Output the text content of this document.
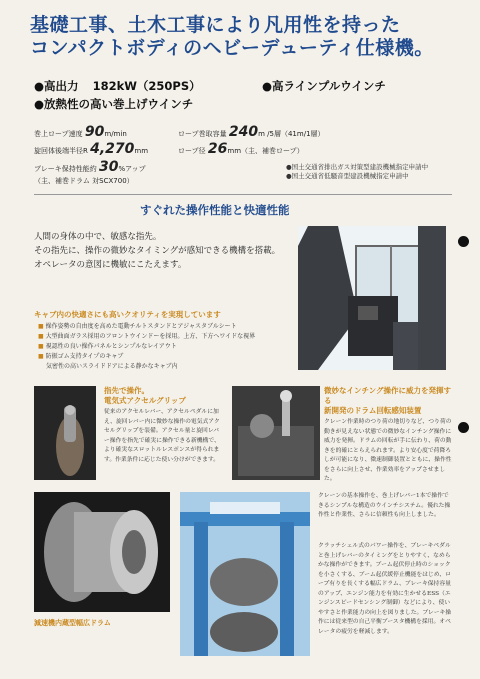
基礎工事、土木工事により凡用性を持った
コンパクトボディのヘビーデューティ仕様機。
●高出力 182kW（250PS）	●高ラインプルウインチ
●放熱性の高い巻上げウインチ
巻上ロープ速度 90m/min
旋回体後端半径R 4,270mm
ブレーキ保持性能約 30%アップ
（主、補巻ドラム 対SCX700）
ロープ巻取容量 240m /5層（41m/1層）
ロープ径 26mm（主、補巻ロープ）
●国土交通省排出ガス対策型建設機械指定申請中
●国土交通省低騒音型建設機械指定申請中
すぐれた操作性能と快適性能
人間の身体の中で、敏感な指先。
その指先に、操作の微妙なタイミングが感知できる機構を搭載。
オペレータの意図に機敏にこたえます。
キャブ内の快適さにも高いクオリティを実現しています
■ 操作姿勢の自由度を高めた電動チルトスタンドとアジャスタブルシート
■ 大型曲面ガラス採用のフロントウインドーを採用。上方、下方へワイドな視界
■ 視認性の良い操作パネルとシンプルなレイアウト
■ 防振ゴム支持タイプのキャブ
気密性の高いスライドドアによる静かなキャブ内
指先で操作。
電気式アクセルグリップ
従来のアクセルレバー、アクセルペダルに加え、旋回レバー内に微妙な操作の電気式アクセルグリップを装備。アクセル量と旋回レバー操作を指先で確実に操作できる新機構で、より確実なスロットルレスポンスが得られます。作業条件に応じた使い分けができます。
微妙なインチング操作に威力を発揮する
新開発のドラム回転感知装置
クレーン作業時のつり荷の地切りなど、つり荷の動きが見えない状態での微妙なインチング操作に威力を発揮。ドラムの回転が手に伝わり、荷の動きを的確にとらえられます。より安心度で荷降ろしが可能になり、微速制御装置とともに、操作性をさらに向上させ、作業効率をアップさせました。
減速機内蔵型幅広ドラム
クレーンの基本操作を、巻上げレバー1本で操作できるシンプルな構造のウインチシステム。優れた操作性と作業性、さらに信頼性も向上しました。
クラッチシェル式のパワー操作を、ブレーキペダルと巻上げレバーのタイミングをとりやすく、なめらかな操作ができます。ブーム起伏停止時のショックを小さくする、ブーム起伏緩停止機能をはじめ、ロープ有りを長くする幅広ドラム、ブレーキ保持容量のアップ、エンジン能力を有効に生かせるESS（エンジンスピードセンシング制御）などにより、使いやすさと作業能力の向上を図りました。ブレーキ操作には従来型の自己平衡ブースタ機構を採用。オペレータの疲労を軽減します。
